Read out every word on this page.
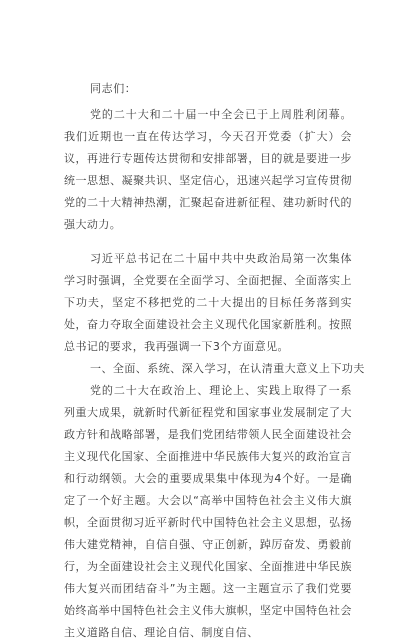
同志们：

党的二十大和二十届一中全会已于上周胜利闭幕。我们近期也一直在传达学习，今天召开党委（扩大）会议，再进行专题传达贯彻和安排部署，目的就是要进一步统一思想、凝聚共识、坚定信心，迅速兴起学习宣传贯彻党的二十大精神热潮，汇聚起奋进新征程、建功新时代的强大动力。

习近平总书记在二十届中共中央政治局第一次集体学习时强调，全党要在全面学习、全面把握、全面落实上下功夫，坚定不移把党的二十大提出的目标任务落到实处，奋力夺取全面建设社会主义现代化国家新胜利。按照总书记的要求，我再强调一下3个方面意见。

一、全面、系统、深入学习，在认清重大意义上下功夫

党的二十大在政治上、理论上、实践上取得了一系列重大成果，就新时代新征程党和国家事业发展制定了大政方针和战略部署，是我们党团结带领人民全面建设社会主义现代化国家、全面推进中华民族伟大复兴的政治宣言和行动纲领。大会的重要成果集中体现为4个好。一是确定了一个好主题。大会以“高举中国特色社会主义伟大旗帜，全面贯彻习近平新时代中国特色社会主义思想，弘扬伟大建党精神，自信自强、守正创新，踔厉奋发、勇毅前行，为全面建设社会主义现代化国家、全面推进中华民族伟大复兴而团结奋斗”为主题。这一主题宣示了我们党要始终高举中国特色社会主义伟大旗帜，坚定中国特色社会主义道路自信、理论自信、制度自信、
